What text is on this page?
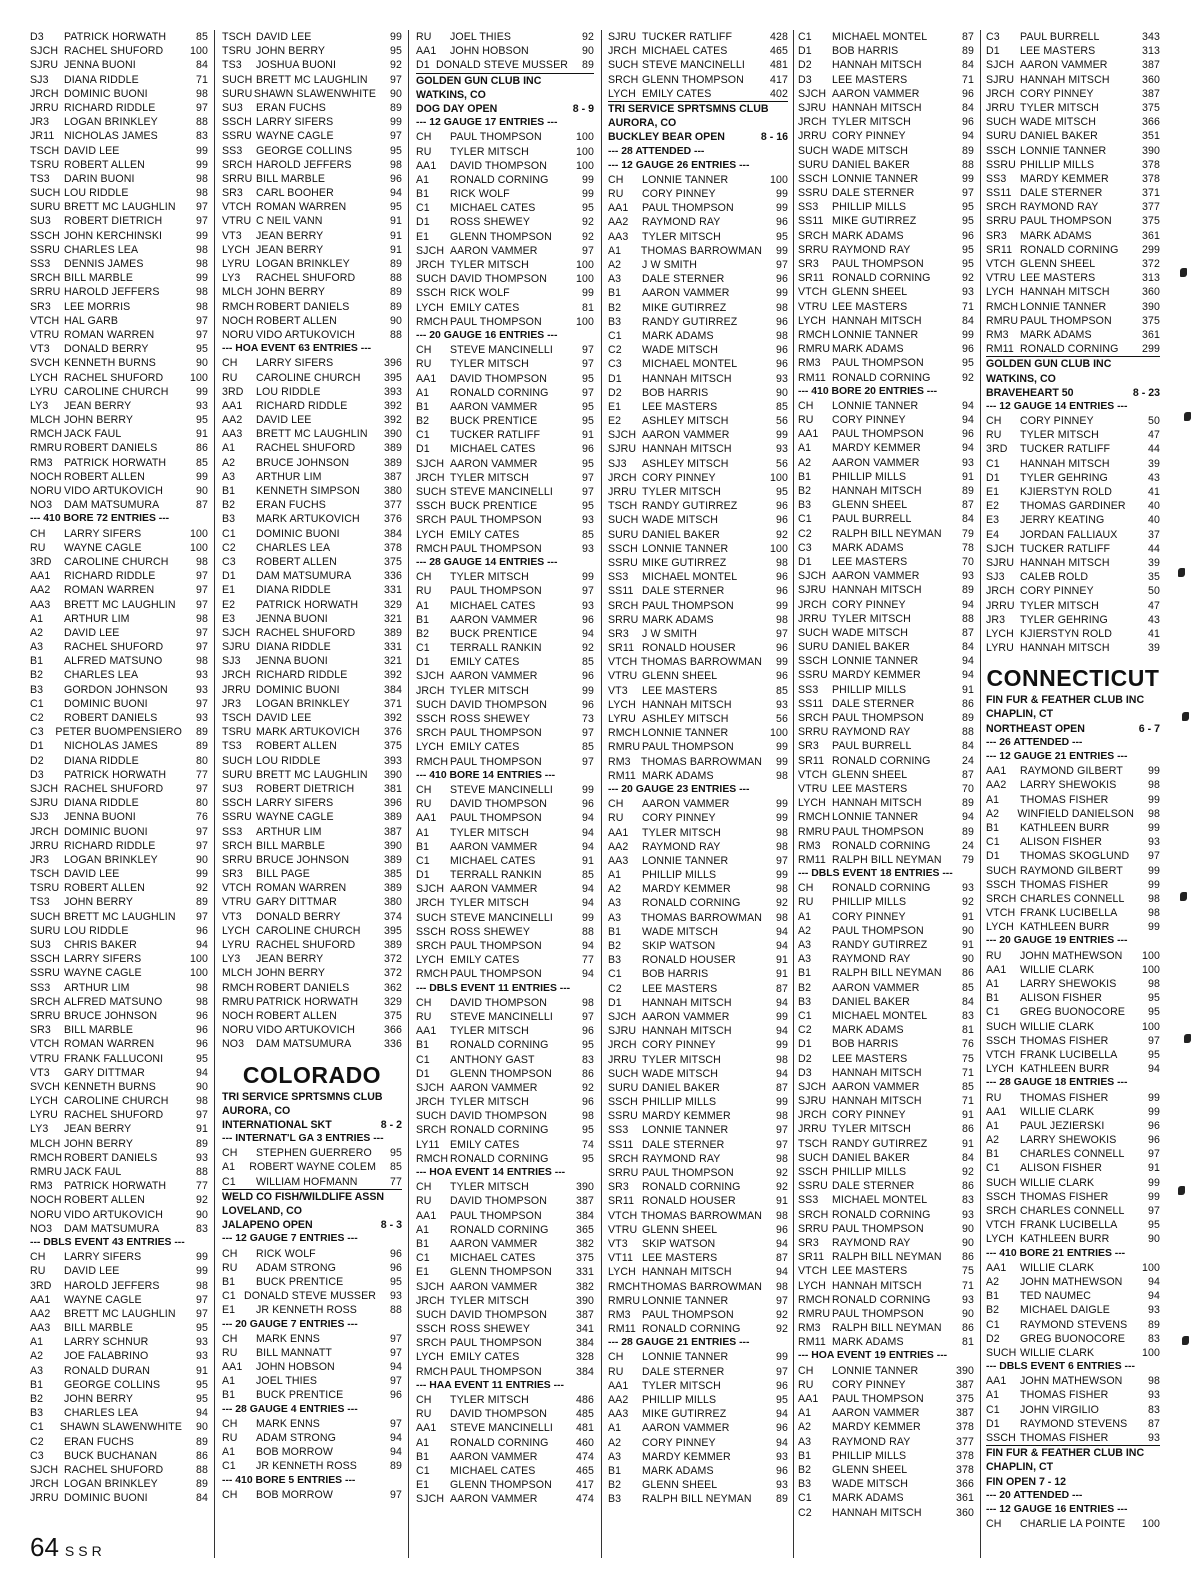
D3	PATRICK HORWATH	85
SJCH RACHEL SHUFORD	100
SJRU JENNA BUONI	84
SJ3	DIANA RIDDLE	71
JRCH DOMINIC BUONI	98
JRRU RICHARD RIDDLE	97
JR3	LOGAN BRINKLEY	88
JR11 NICHOLAS JAMES	83
TSCH DAVID LEE	99
TSRU ROBERT ALLEN	99
TS3	DARIN BUONI	98
SUCH LOU RIDDLE	98
SURU BRETT MC LAUGHLIN	97
SU3	ROBERT DIETRICH	97
SSCH JOHN KERCHINSKI	99
SSRU CHARLES LEA	98
SS3	DENNIS JAMES	98
SRCH BILL MARBLE	99
SRRU HAROLD JEFFERS	98
SR3	LEE MORRIS	98
VTCH HAL GARB	97
VTRU ROMAN WARREN	97
VT3	DONALD BERRY	95
SVCH KENNETH BURNS	90
LYCH RACHEL SHUFORD	100
LYRU CAROLINE CHURCH	99
LY3	JEAN BERRY	93
MLCH JOHN BERRY	95
RMCH JACK FAUL	91
RMRU ROBERT DANIELS	86
RM3	PATRICK HORWATH	85
NOCH ROBERT ALLEN	99
NORU VIDO ARTUKOVICH	90
NO3	DAM MATSUMURA	87
--- 410 BORE 72 ENTRIES ---
CH	LARRY SIFERS	100
RU	WAYNE CAGLE	100
3RD	CAROLINE CHURCH	98
AA1	RICHARD RIDDLE	97
AA2	ROMAN WARREN	97
AA3	BRETT MC LAUGHLIN	97
A1	ARTHUR LIM	98
A2	DAVID LEE	97
A3	RACHEL SHUFORD	97
B1	ALFRED MATSUNO	98
B2	CHARLES LEA	93
B3	GORDON JOHNSON	93
C1	DOMINIC BUONI	97
C2	ROBERT DANIELS	93
C3	PETER BUOMPENSIERO	89
D1	NICHOLAS JAMES	89
D2	DIANA RIDDLE	80
D3	PATRICK HORWATH	77
SJCH RACHEL SHUFORD	97
SJRU DIANA RIDDLE	80
SJ3	JENNA BUONI	76
JRCH DOMINIC BUONI	97
JRRU RICHARD RIDDLE	97
JR3	LOGAN BRINKLEY	90
TSCH DAVID LEE	99
TSRU ROBERT ALLEN	92
TS3	JOHN BERRY	89
SUCH BRETT MC LAUGHLIN	97
SURU LOU RIDDLE	96
SU3	CHRIS BAKER	94
SSCH LARRY SIFERS	100
SSRU WAYNE CAGLE	100
SS3	ARTHUR LIM	98
SRCH ALFRED MATSUNO	98
SRRU BRUCE JOHNSON	96
SR3	BILL MARBLE	96
VTCH ROMAN WARREN	96
VTRU FRANK FALLUCONI	95
VT3	GARY DITTMAR	94
SVCH KENNETH BURNS	90
LYCH CAROLINE CHURCH	98
LYRU RACHEL SHUFORD	97
LY3	JEAN BERRY	91
MLCH JOHN BERRY	89
RMCH ROBERT DANIELS	93
RMRU JACK FAUL	88
RM3	PATRICK HORWATH	77
NOCH ROBERT ALLEN	92
NORU VIDO ARTUKOVICH	90
NO3	DAM MATSUMURA	83
--- DBLS EVENT 43 ENTRIES ---
CH	LARRY SIFERS	99
RU	DAVID LEE	99
3RD	HAROLD JEFFERS	98
AA1	WAYNE CAGLE	97
AA2	BRETT MC LAUGHLIN	97
AA3	BILL MARBLE	95
A1	LARRY SCHNUR	93
A2	JOE FALABRINO	93
A3	RONALD DURAN	91
B1	GEORGE COLLINS	95
B2	JOHN BERRY	95
B3	CHARLES LEA	94
C1	SHAWN SLAWENWHITE	90
C2	ERAN FUCHS	89
C3	BUCK BUCHANAN	86
SJCH RACHEL SHUFORD	88
JRCH LOGAN BRINKLEY	89
JRRU DOMINIC BUONI	84
TSCH DAVID LEE	99
TSRU JOHN BERRY	95
TS3	JOSHUA BUONI	92
SUCH BRETT MC LAUGHLIN	97
SURU SHAWN SLAWENWHITE	90
SU3	ERAN FUCHS	89
SSCH LARRY SIFERS	99
SSRU WAYNE CAGLE	97
SS3	GEORGE COLLINS	95
SRCH HAROLD JEFFERS	98
SRRU BILL MARBLE	96
SR3	CARL BOOHER	94
VTCH ROMAN WARREN	95
VTRU C NEIL VANN	91
VT3	JEAN BERRY	91
LYCH JEAN BERRY	91
LYRU LOGAN BRINKLEY	89
LY3	RACHEL SHUFORD	88
MLCH JOHN BERRY	89
RMCH ROBERT DANIELS	89
NOCH ROBERT ALLEN	90
NORU VIDO ARTUKOVICH	88
--- HOA EVENT 63 ENTRIES ---
CH	LARRY SIFERS	396
RU	CAROLINE CHURCH	395
3RD	LOU RIDDLE	393
AA1	RICHARD RIDDLE	392
AA2	DAVID LEE	392
AA3	BRETT MC LAUGHLIN	390
A1	RACHEL SHUFORD	389
A2	BRUCE JOHNSON	389
A3	ARTHUR LIM	387
B1	KENNETH SIMPSON	380
B2	ERAN FUCHS	377
B3	MARK ARTUKOVICH	376
C1	DOMINIC BUONI	384
C2	CHARLES LEA	378
C3	ROBERT ALLEN	375
D1	DAM MATSUMURA	336
E1	DIANA RIDDLE	331
E2	PATRICK HORWATH	329
E3	JENNA BUONI	321
SJCH RACHEL SHUFORD	389
SJRU DIANA RIDDLE	331
SJ3	JENNA BUONI	321
JRCH RICHARD RIDDLE	392
JRRU DOMINIC BUONI	384
JR3	LOGAN BRINKLEY	371
TSCH DAVID LEE	392
TSRU MARK ARTUKOVICH	376
TS3	ROBERT ALLEN	375
SUCH LOU RIDDLE	393
SURU BRETT MC LAUGHLIN	390
SU3	ROBERT DIETRICH	381
SSCH LARRY SIFERS	396
SSRU WAYNE CAGLE	389
SS3	ARTHUR LIM	387
SRCH BILL MARBLE	390
SRRU BRUCE JOHNSON	389
SR3	BILL PAGE	385
VTCH ROMAN WARREN	389
VTRU GARY DITTMAR	380
VT3	DONALD BERRY	374
LYCH CAROLINE CHURCH	395
LYRU RACHEL SHUFORD	389
LY3	JEAN BERRY	372
MLCH JOHN BERRY	372
RMCH ROBERT DANIELS	362
RMRU PATRICK HORWATH	329
NOCH ROBERT ALLEN	375
NORU VIDO ARTUKOVICH	366
NO3	DAM MATSUMURA	336
COLORADO
TRI SERVICE SPRTSMNS CLUB
AURORA, CO
INTERNATIONAL SKT	8 - 2
--- INTERNAT'L GA 3 ENTRIES ---
CH	STEPHEN GUERRERO	95
A1	ROBERT WAYNE COLEM	85
C1	WILLIAM HOFMANN	77
WELD CO FISH/WILDLIFE ASSN
LOVELAND, CO
JALAPENO OPEN	8 - 3
--- 12 GAUGE 7 ENTRIES ---
CH	RICK WOLF	96
RU	ADAM STRONG	96
B1	BUCK PRENTICE	95
C1 DONALD STEVE MUSSER	93
E1	JR KENNETH ROSS	88
--- 20 GAUGE 7 ENTRIES ---
CH	MARK ENNS	97
RU	BILL MANNATT	97
AA1	JOHN HOBSON	94
A1	JOEL THIES	97
B1	BUCK PRENTICE	96
--- 28 GAUGE 4 ENTRIES ---
CH	MARK ENNS	97
RU	ADAM STRONG	94
A1	BOB MORROW	94
C1	JR KENNETH ROSS	89
--- 410 BORE 5 ENTRIES ---
CH	BOB MORROW	97
RU	JOEL THIES	92
AA1	JOHN HOBSON	90
D1 DONALD STEVE MUSSER	89
GOLDEN GUN CLUB INC
WATKINS, CO
DOG DAY OPEN	8 - 9
--- 12 GAUGE 17 ENTRIES ---
CH	PAUL THOMPSON	100
RU	TYLER MITSCH	100
AA1	DAVID THOMPSON	100
A1	RONALD CORNING	99
B1	RICK WOLF	99
C1	MICHAEL CATES	95
D1	ROSS SHEWEY	92
E1	GLENN THOMPSON	92
SJCH AARON VAMMER	97
JRCH TYLER MITSCH	100
SUCH DAVID THOMPSON	100
SSCH RICK WOLF	99
LYCH EMILY CATES	81
RMCH PAUL THOMPSON	100
--- 20 GAUGE 16 ENTRIES ---
CH	STEVE MANCINELLI	97
RU	TYLER MITSCH	97
AA1	DAVID THOMPSON	95
A1	RONALD CORNING	97
B1	AARON VAMMER	95
B2	BUCK PRENTICE	95
C1	TUCKER RATLIFF	91
D1	MICHAEL CATES	96
SJCH AARON VAMMER	95
JRCH TYLER MITSCH	97
SUCH STEVE MANCINELLI	97
SSCH BUCK PRENTICE	95
SRCH PAUL THOMPSON	93
LYCH EMILY CATES	85
RMCH PAUL THOMPSON	93
--- 28 GAUGE 14 ENTRIES ---
CH	TYLER MITSCH	99
RU	PAUL THOMPSON	97
A1	MICHAEL CATES	93
B1	AARON VAMMER	96
B2	BUCK PRENTICE	94
C1	TERRALL RANKIN	92
D1	EMILY CATES	85
SJCH AARON VAMMER	96
JRCH TYLER MITSCH	99
SUCH DAVID THOMPSON	96
SSCH ROSS SHEWEY	73
SRCH PAUL THOMPSON	97
LYCH EMILY CATES	85
RMCH PAUL THOMPSON	97
--- 410 BORE 14 ENTRIES ---
CH	STEVE MANCINELLI	99
RU	DAVID THOMPSON	96
AA1	PAUL THOMPSON	94
A1	TYLER MITSCH	94
B1	AARON VAMMER	94
C1	MICHAEL CATES	91
D1	TERRALL RANKIN	85
SJCH AARON VAMMER	94
JRCH TYLER MITSCH	94
SUCH STEVE MANCINELLI	99
SSCH ROSS SHEWEY	88
SRCH PAUL THOMPSON	94
LYCH EMILY CATES	77
RMCH PAUL THOMPSON	94
--- DBLS EVENT 11 ENTRIES ---
CH	DAVID THOMPSON	98
RU	STEVE MANCINELLI	97
AA1	TYLER MITSCH	96
B1	RONALD CORNING	95
C1	ANTHONY GAST	83
D1	GLENN THOMPSON	86
SJCH AARON VAMMER	92
JRCH TYLER MITSCH	96
SUCH DAVID THOMPSON	98
SRCH RONALD CORNING	95
LY11 EMILY CATES	74
RMCH RONALD CORNING	95
--- HOA EVENT 14 ENTRIES ---
CH	TYLER MITSCH	390
RU	DAVID THOMPSON	387
AA1	PAUL THOMPSON	384
A1	RONALD CORNING	365
B1	AARON VAMMER	382
C1	MICHAEL CATES	375
E1	GLENN THOMPSON	331
SJCH AARON VAMMER	382
JRCH TYLER MITSCH	390
SUCH DAVID THOMPSON	387
SSCH ROSS SHEWEY	341
SRCH PAUL THOMPSON	384
LYCH EMILY CATES	328
RMCH PAUL THOMPSON	384
--- HAA EVENT 11 ENTRIES ---
CH	TYLER MITSCH	486
RU	DAVID THOMPSON	485
AA1	STEVE MANCINELLI	481
A1	RONALD CORNING	460
B1	AARON VAMMER	474
C1	MICHAEL CATES	465
E1	GLENN THOMPSON	417
SJCH AARON VAMMER	474
SJRU TUCKER RATLIFF	428
JRCH MICHAEL CATES	465
SUCH STEVE MANCINELLI	481
SRCH GLENN THOMPSON	417
LYCH EMILY CATES	402
TRI SERVICE SPRTSMNS CLUB
AURORA, CO
BUCKLEY BEAR OPEN	8 - 16
--- 28 ATTENDED ---
--- 12 GAUGE 26 ENTRIES ---
CH	LONNIE TANNER	100
RU	CORY PINNEY	99
AA1	PAUL THOMPSON	99
AA2	RAYMOND RAY	96
AA3	TYLER MITSCH	95
A1	THOMAS BARROWMAN	99
A2	J W SMITH	97
A3	DALE STERNER	96
B1	AARON VAMMER	99
B2	MIKE GUTIRREZ	98
B3	RANDY GUTIRREZ	96
C1	MARK ADAMS	98
C2	WADE MITSCH	96
C3	MICHAEL MONTEL	96
D1	HANNAH MITSCH	93
D2	BOB HARRIS	90
E1	LEE MASTERS	85
E2	ASHLEY MITSCH	56
SJCH AARON VAMMER	99
SJRU HANNAH MITSCH	93
SJ3	ASHLEY MITSCH	56
JRCH CORY PINNEY	100
JRRU TYLER MITSCH	95
TSCH RANDY GUTIRREZ	96
SUCH WADE MITSCH	96
SURU DANIEL BAKER	92
SSCH LONNIE TANNER	100
SSRU MIKE GUTIRREZ	98
SS3	MICHAEL MONTEL	96
SS11 DALE STERNER	96
SRCH PAUL THOMPSON	99
SRRU MARK ADAMS	98
SR3	J W SMITH	97
SR11 RONALD HOUSER	96
VTCH THOMAS BARROWMAN	99
VTRU GLENN SHEEL	96
VT3	LEE MASTERS	85
LYCH HANNAH MITSCH	93
LYRU ASHLEY MITSCH	56
RMCH LONNIE TANNER	100
RMRU PAUL THOMPSON	99
RM3 THOMAS BARROWMAN	99
RM11 MARK ADAMS	98
--- 20 GAUGE 23 ENTRIES ---
CH	AARON VAMMER	99
RU	CORY PINNEY	99
AA1	TYLER MITSCH	98
AA2	RAYMOND RAY	98
AA3	LONNIE TANNER	97
A1	PHILLIP MILLS	99
A2	MARDY KEMMER	98
A3	RONALD CORNING	92
A3	THOMAS BARROWMAN	98
B1	WADE MITSCH	94
B2	SKIP WATSON	94
B3	RONALD HOUSER	91
C1	BOB HARRIS	91
C2	LEE MASTERS	87
D1	HANNAH MITSCH	94
SJCH AARON VAMMER	99
SJRU HANNAH MITSCH	94
JRCH CORY PINNEY	99
JRRU TYLER MITSCH	98
SUCH WADE MITSCH	94
SURU DANIEL BAKER	87
SSCH PHILLIP MILLS	99
SSRU MARDY KEMMER	98
SS3	LONNIE TANNER	97
SS11 DALE STERNER	97
SRCH RAYMOND RAY	98
SRRU PAUL THOMPSON	92
SR3	RONALD CORNING	92
SR11 RONALD HOUSER	91
VTCH THOMAS BARROWMAN	98
VTRU GLENN SHEEL	96
VT3	SKIP WATSON	94
VT11 LEE MASTERS	87
LYCH HANNAH MITSCH	94
RMCH THOMAS BARROWMAN	98
RMRU LONNIE TANNER	97
RM3	PAUL THOMPSON	92
RM11 RONALD CORNING	92
--- 28 GAUGE 21 ENTRIES ---
CH	LONNIE TANNER	99
RU	DALE STERNER	97
AA1	TYLER MITSCH	96
AA2	PHILLIP MILLS	95
AA3	MIKE GUTIRREZ	94
A1	AARON VAMMER	96
A2	CORY PINNEY	94
A3	MARDY KEMMER	93
B1	MARK ADAMS	96
B2	GLENN SHEEL	93
B3	RALPH BILL NEYMAN	89
C1	MICHAEL MONTEL	87
D1	BOB HARRIS	89
D2	HANNAH MITSCH	84
D3	LEE MASTERS	71
SJCH AARON VAMMER	96
SJRU HANNAH MITSCH	84
JRCH TYLER MITSCH	96
JRRU CORY PINNEY	94
SUCH WADE MITSCH	89
SURU DANIEL BAKER	88
SSCH LONNIE TANNER	99
SSRU DALE STERNER	97
SS3	PHILLIP MILLS	95
SS11 MIKE GUTIRREZ	95
SRCH MARK ADAMS	96
SRRU RAYMOND RAY	95
SR3	PAUL THOMPSON	95
SR11 RONALD CORNING	92
VTCH GLENN SHEEL	93
VTRU LEE MASTERS	71
LYCH HANNAH MITSCH	84
RMCH LONNIE TANNER	99
RMRU MARK ADAMS	96
RM3	PAUL THOMPSON	95
RM11 RONALD CORNING	92
--- 410 BORE 20 ENTRIES ---
CH	LONNIE TANNER	94
RU	CORY PINNEY	94
AA1	PAUL THOMPSON	96
A1	MARDY KEMMER	94
A2	AARON VAMMER	93
B1	PHILLIP MILLS	91
B2	HANNAH MITSCH	89
B3	GLENN SHEEL	87
C1	PAUL BURRELL	84
C2	RALPH BILL NEYMAN	79
C3	MARK ADAMS	78
D1	LEE MASTERS	70
SJCH AARON VAMMER	93
SJRU HANNAH MITSCH	89
JRCH CORY PINNEY	94
JRRU TYLER MITSCH	88
SUCH WADE MITSCH	87
SURU DANIEL BAKER	84
SSCH LONNIE TANNER	94
SSRU MARDY KEMMER	94
SS3	PHILLIP MILLS	91
SS11 DALE STERNER	86
SRCH PAUL THOMPSON	89
SRRU RAYMOND RAY	88
SR3	PAUL BURRELL	84
SR11 RONALD CORNING	24
VTCH GLENN SHEEL	87
VTRU LEE MASTERS	70
LYCH HANNAH MITSCH	89
RMCH LONNIE TANNER	94
RMRU PAUL THOMPSON	89
RM3	RONALD CORNING	24
RM11 RALPH BILL NEYMAN	79
--- DBLS EVENT 18 ENTRIES ---
CH	RONALD CORNING	93
RU	PHILLIP MILLS	92
A1	CORY PINNEY	91
A2	PAUL THOMPSON	90
A3	RANDY GUTIRREZ	91
A3	RAYMOND RAY	90
B1	RALPH BILL NEYMAN	86
B2	AARON VAMMER	85
B3	DANIEL BAKER	84
C1	MICHAEL MONTEL	83
C2	MARK ADAMS	81
D1	BOB HARRIS	76
D2	LEE MASTERS	75
D3	HANNAH MITSCH	71
SJCH AARON VAMMER	85
SJRU HANNAH MITSCH	71
JRCH CORY PINNEY	91
JRRU TYLER MITSCH	86
TSCH RANDY GUTIRREZ	91
SUCH DANIEL BAKER	84
SSCH PHILLIP MILLS	92
SSRU DALE STERNER	86
SS3	MICHAEL MONTEL	83
SRCH RONALD CORNING	93
SRRU PAUL THOMPSON	90
SR3	RAYMOND RAY	90
SR11 RALPH BILL NEYMAN	86
VTCH LEE MASTERS	75
LYCH HANNAH MITSCH	71
RMCH RONALD CORNING	93
RMRU PAUL THOMPSON	90
RM3	RALPH BILL NEYMAN	86
RM11 MARK ADAMS	81
--- HOA EVENT 19 ENTRIES ---
CH	LONNIE TANNER	390
RU	CORY PINNEY	387
AA1	PAUL THOMPSON	375
A1	AARON VAMMER	387
A2	MARDY KEMMER	378
A3	RAYMOND RAY	377
B1	PHILLIP MILLS	378
B2	GLENN SHEEL	378
B3	WADE MITSCH	366
C1	MARK ADAMS	361
C2	HANNAH MITSCH	360
C3	PAUL BURRELL	343
D1	LEE MASTERS	313
SJCH AARON VAMMER	387
SJRU HANNAH MITSCH	360
JRCH CORY PINNEY	387
JRRU TYLER MITSCH	375
SUCH WADE MITSCH	366
SURU DANIEL BAKER	351
SSCH LONNIE TANNER	390
SSRU PHILLIP MILLS	378
SS3	MARDY KEMMER	378
SS11 DALE STERNER	371
SRCH RAYMOND RAY	377
SRRU PAUL THOMPSON	375
SR3	MARK ADAMS	361
SR11 RONALD CORNING	299
VTCH GLENN SHEEL	372
VTRU LEE MASTERS	313
LYCH HANNAH MITSCH	360
RMCH LONNIE TANNER	390
RMRU PAUL THOMPSON	375
RM3	MARK ADAMS	361
RM11 RONALD CORNING	299
GOLDEN GUN CLUB INC
WATKINS, CO
BRAVEHEART 50	8 - 23
--- 12 GAUGE 14 ENTRIES ---
CH	CORY PINNEY	50
RU	TYLER MITSCH	47
3RD	TUCKER RATLIFF	44
C1	HANNAH MITSCH	39
D1	TYLER GEHRING	43
E1	KJIERSTYN ROLD	41
E2	THOMAS GARDINER	40
E3	JERRY KEATING	40
E4	JORDAN FALLIAUX	37
SJCH TUCKER RATLIFF	44
SJRU HANNAH MITSCH	39
SJ3	CALEB ROLD	35
JRCH CORY PINNEY	50
JRRU TYLER MITSCH	47
JR3	TYLER GEHRING	43
LYCH KJIERSTYN ROLD	41
LYRU HANNAH MITSCH	39
CONNECTICUT
FIN FUR & FEATHER CLUB INC
CHAPLIN, CT
NORTHEAST OPEN	6 - 7
--- 26 ATTENDED ---
--- 12 GAUGE 21 ENTRIES ---
AA1	RAYMOND GILBERT	99
AA2	LARRY SHEWOKIS	98
A1	THOMAS FISHER	99
A2	WINFIELD DANIELSON	98
B1	KATHLEEN BURR	99
C1	ALISON FISHER	93
D1	THOMAS SKOGLUND	97
SUCH RAYMOND GILBERT	99
SSCH THOMAS FISHER	99
SRCH CHARLES CONNELL	98
VTCH FRANK LUCIBELLA	98
LYCH KATHLEEN BURR	99
--- 20 GAUGE 19 ENTRIES ---
RU	JOHN MATHEWSON	100
AA1	WILLIE CLARK	100
A1	LARRY SHEWOKIS	98
B1	ALISON FISHER	95
C1	GREG BUONOCORE	95
SUCH WILLIE CLARK	100
SSCH THOMAS FISHER	97
VTCH FRANK LUCIBELLA	95
LYCH KATHLEEN BURR	94
--- 28 GAUGE 18 ENTRIES ---
RU	THOMAS FISHER	99
AA1	WILLIE CLARK	99
A1	PAUL JEZIERSKI	96
A2	LARRY SHEWOKIS	96
B1	CHARLES CONNELL	97
C1	ALISON FISHER	91
SUCH WILLIE CLARK	99
SSCH THOMAS FISHER	99
SRCH CHARLES CONNELL	97
VTCH FRANK LUCIBELLA	95
LYCH KATHLEEN BURR	90
--- 410 BORE 21 ENTRIES ---
AA1	WILLIE CLARK	100
A2	JOHN MATHEWSON	94
B1	TED NAUMEC	94
B2	MICHAEL DAIGLE	93
C1	RAYMOND STEVENS	89
D2	GREG BUONOCORE	83
SUCH WILLIE CLARK	100
--- DBLS EVENT 6 ENTRIES ---
AA1	JOHN MATHEWSON	98
A1	THOMAS FISHER	93
C1	JOHN VIRGILIO	83
D1	RAYMOND STEVENS	87
SSCH THOMAS FISHER	93
FIN FUR & FEATHER CLUB INC
CHAPLIN, CT
FIN OPEN 7 - 12
--- 20 ATTENDED ---
--- 12 GAUGE 16 ENTRIES ---
CH	CHARLIE LA POINTE	100
64 SSR
